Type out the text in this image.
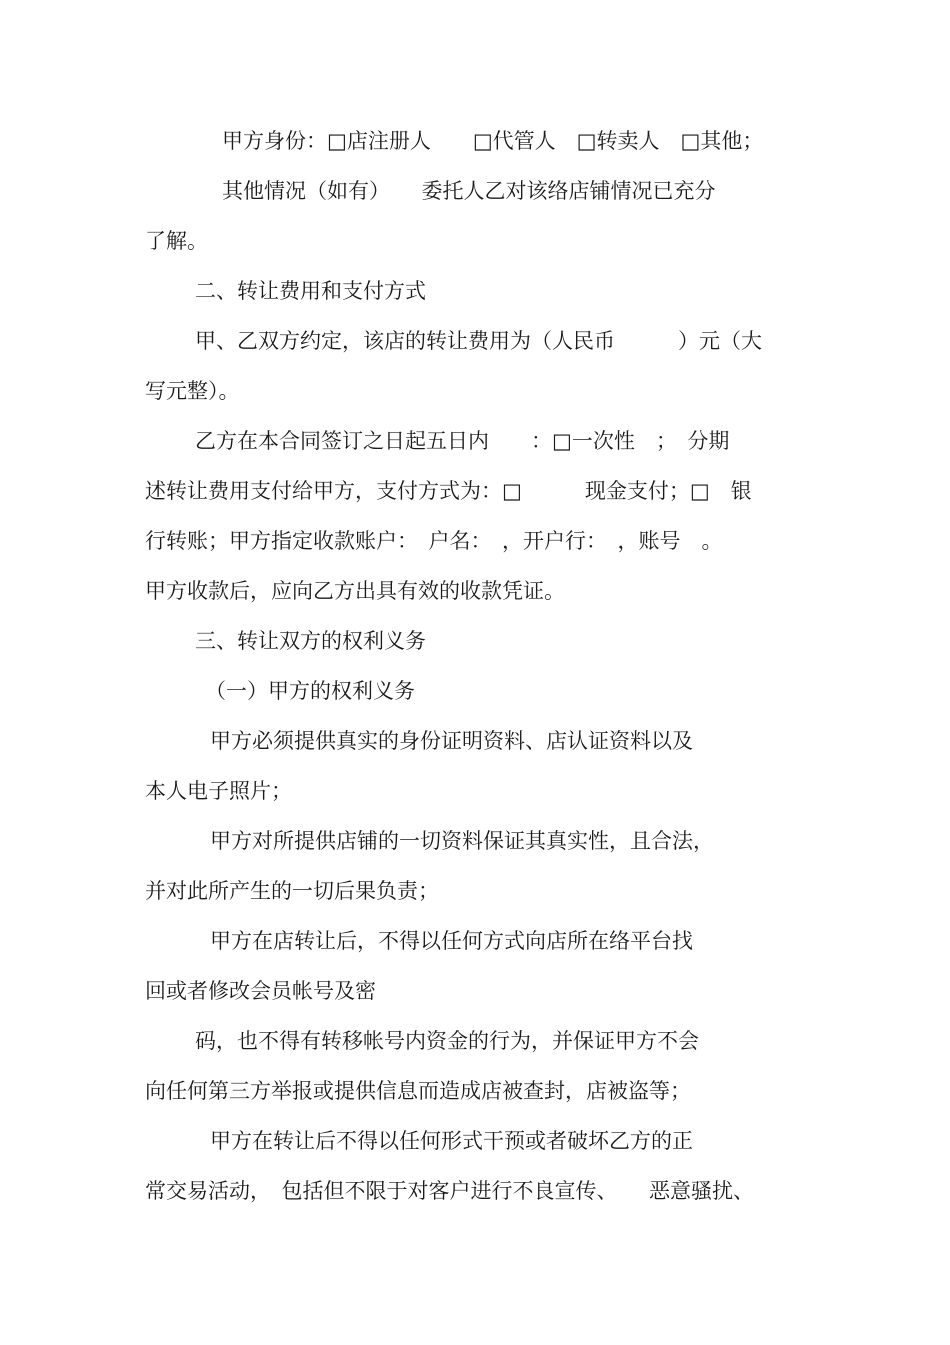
甲方身份：□店注册人　　□代管人　□转卖人　□其他；

其他情况（如有）　　委托人乙对该络店铺情况已充分

了解。

二、转让费用和支付方式

甲、乙双方约定，该店的转让费用为（人民币　　　）元（大

写元整）。

乙方在本合同签订之日起五日内　　：□一次性　；　分期

述转让费用支付给甲方，支付方式为：□　　　现金支付；□　银

行转账；甲方指定收款账户：　户名：　，开户行：　，账号　。

甲方收款后，应向乙方出具有效的收款凭证。

三、转让双方的权利义务

（一）甲方的权利义务

甲方必须提供真实的身份证明资料、店认证资料以及

本人电子照片；

甲方对所提供店铺的一切资料保证其真实性，且合法，

并对此所产生的一切后果负责；

甲方在店转让后，不得以任何方式向店所在络平台找

回或者修改会员帐号及密

码，也不得有转移帐号内资金的行为，并保证甲方不会

向任何第三方举报或提供信息而造成店被查封，店被盗等；

甲方在转让后不得以任何形式干预或者破坏乙方的正

常交易活动，　包括但不限于对客户进行不良宣传、　　恶意骚扰、
